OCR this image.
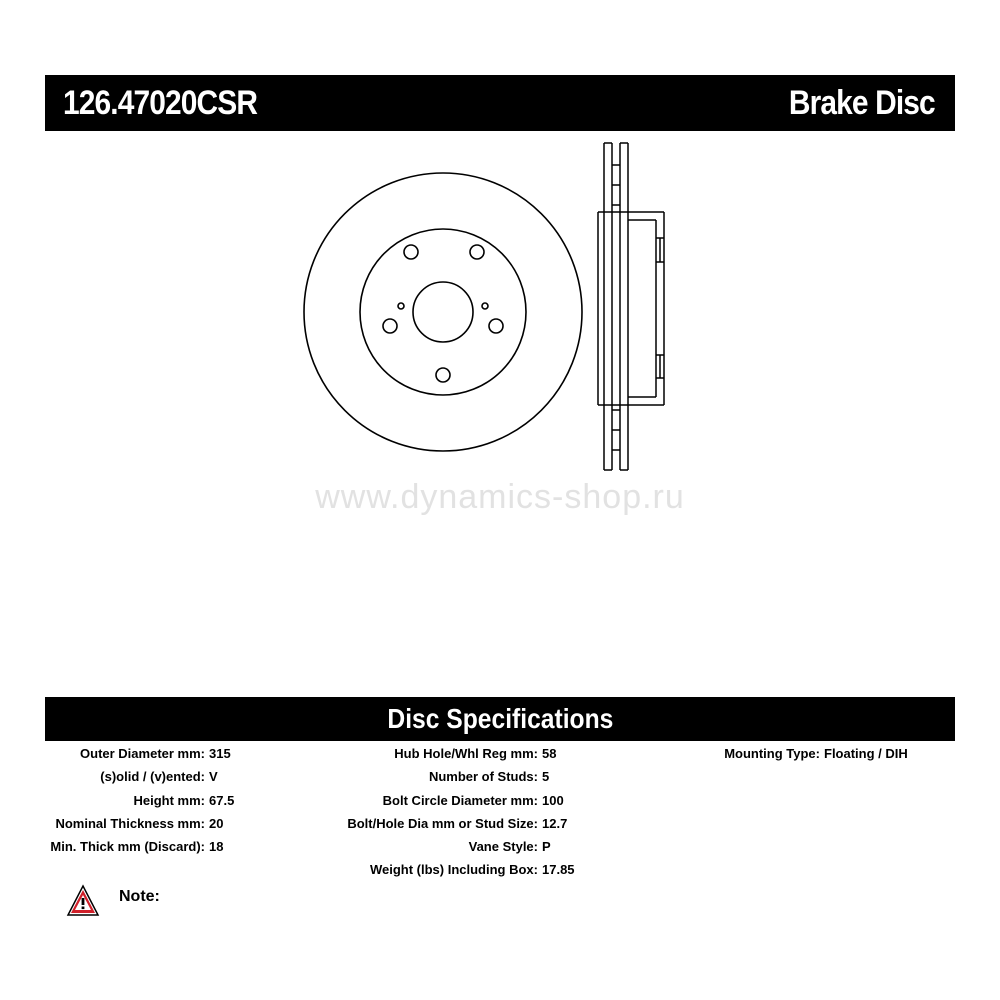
126.47020CSR	Brake Disc
www.dynamics-shop.ru
Disc Specifications
Outer Diameter mm: 315
(s)olid / (v)ented: V
Height mm: 67.5
Nominal Thickness mm: 20
Min. Thick mm (Discard): 18
Hub Hole/Whl Reg mm: 58
Number of Studs: 5
Bolt Circle Diameter mm: 100
Bolt/Hole Dia mm or Stud Size: 12.7
Vane Style: P
Weight (lbs) Including Box: 17.85
Mounting Type: Floating / DIH
Note:
